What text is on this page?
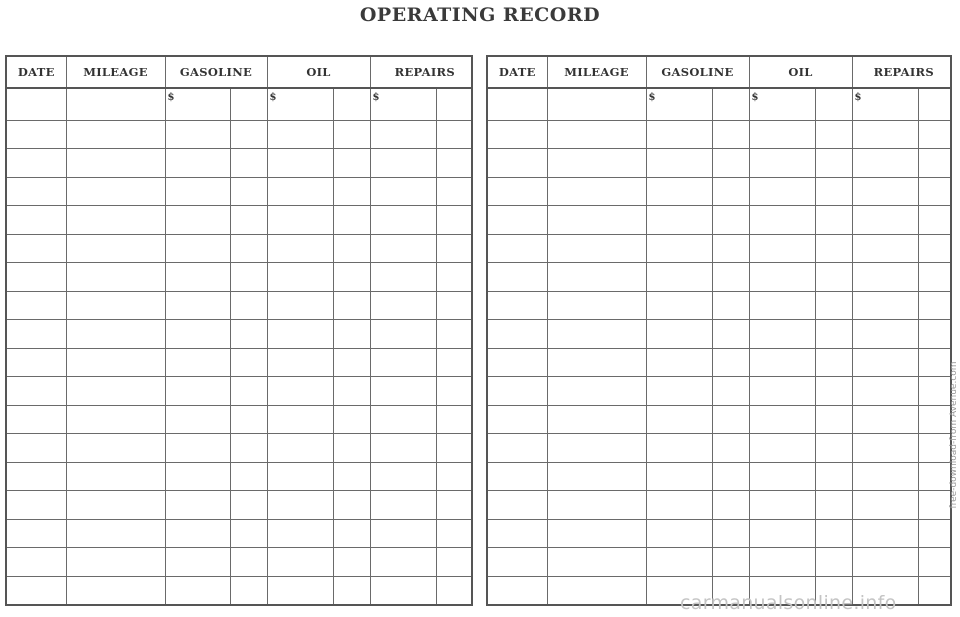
OPERATING RECORD
DATE	MILEAGE	GASOLINE		OIL		REPAIRS	
		$		$		$	

DATE	MILEAGE	GASOLINE		OIL		REPAIRS	
		$		$		$	

carmanualsonline.info
free-download-from Avenue.com
